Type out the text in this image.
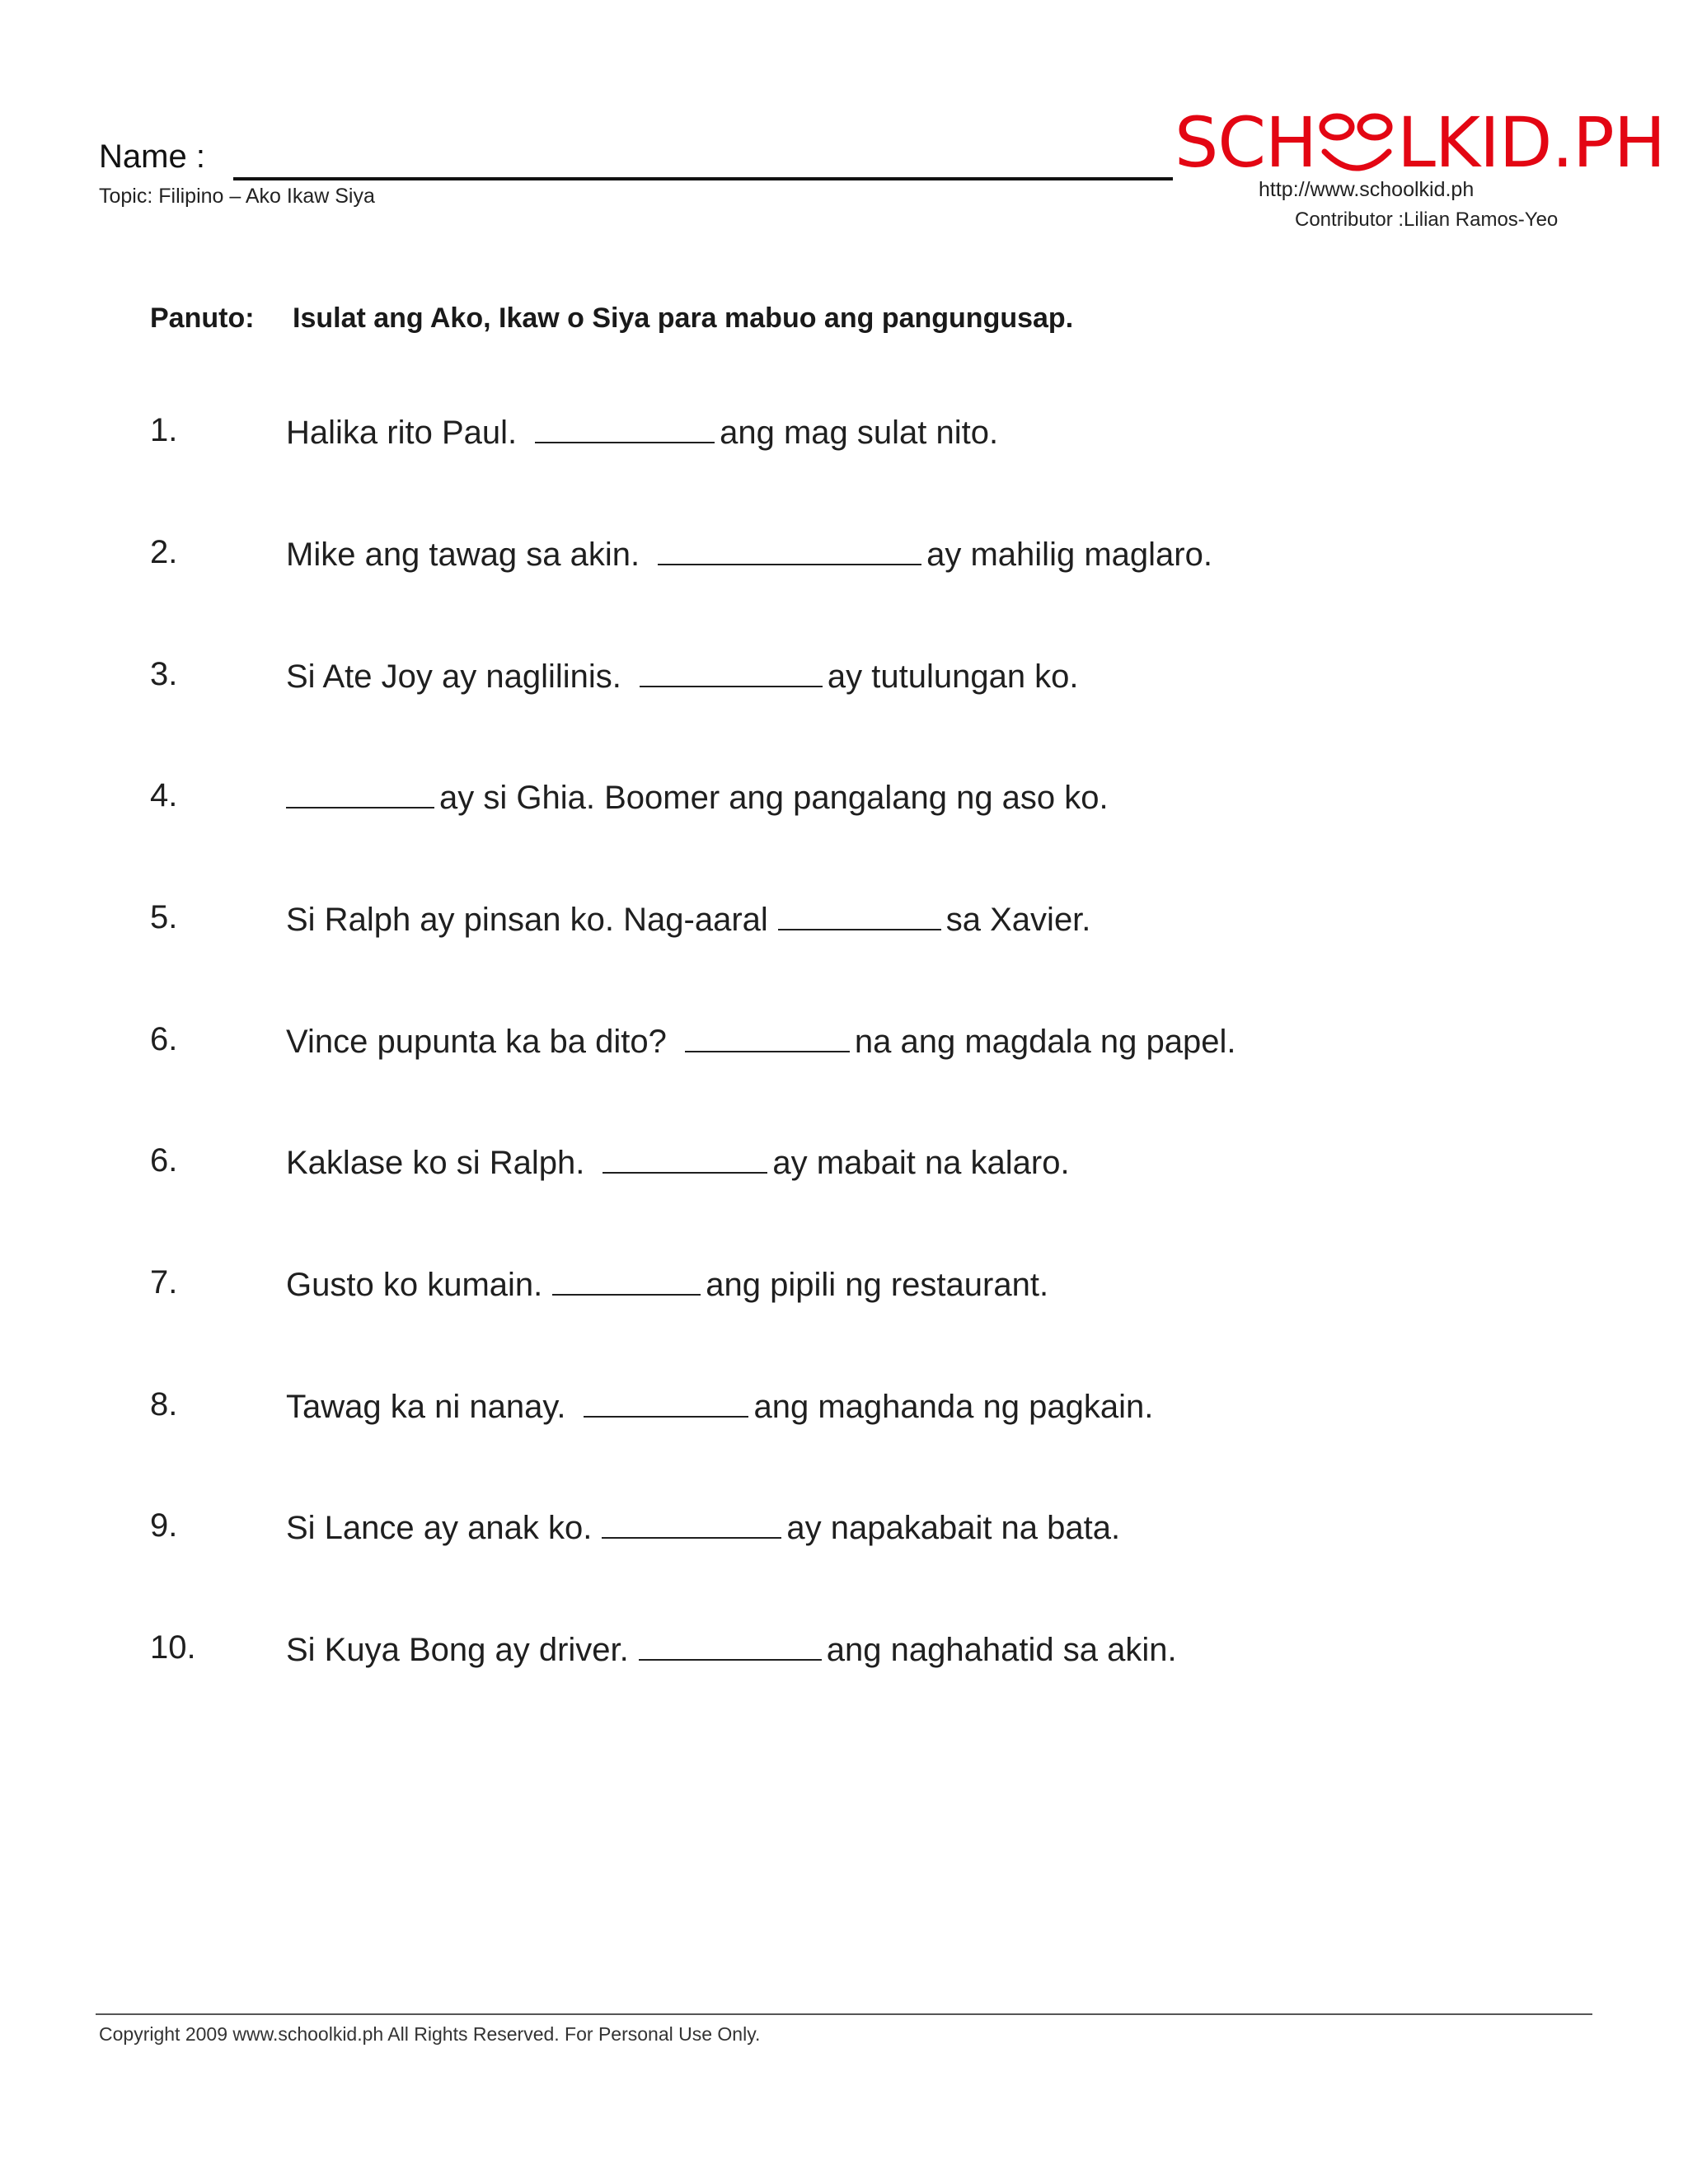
Name :
Topic: Filipino – Ako Ikaw Siya
SCH LKID.PH
http://www.schoolkid.ph
Contributor :Lilian Ramos-Yeo
Panuto: Isulat ang Ako, Ikaw o Siya para mabuo ang pangungusap.
1.	Halika rito Paul.	ang mag sulat nito.
2.	Mike ang tawag sa akin.	ay mahilig maglaro.
3.	Si Ate Joy ay naglilinis.	ay tutulungan ko.
4.	ay si Ghia. Boomer ang pangalang ng aso ko.
5.	Si Ralph ay pinsan ko. Nag-aaral	sa Xavier.
6.	Vince pupunta ka ba dito?	na ang magdala ng papel.
6.	Kaklase ko si Ralph.	ay mabait na kalaro.
7.	Gusto ko kumain.	ang pipili ng restaurant.
8.	Tawag ka ni nanay.	ang maghanda ng pagkain.
9.	Si Lance ay anak ko.	ay napakabait na bata.
10.	Si Kuya Bong ay driver.	ang naghahatid sa akin.
Copyright 2009 www.schoolkid.ph All Rights Reserved. For Personal Use Only.
